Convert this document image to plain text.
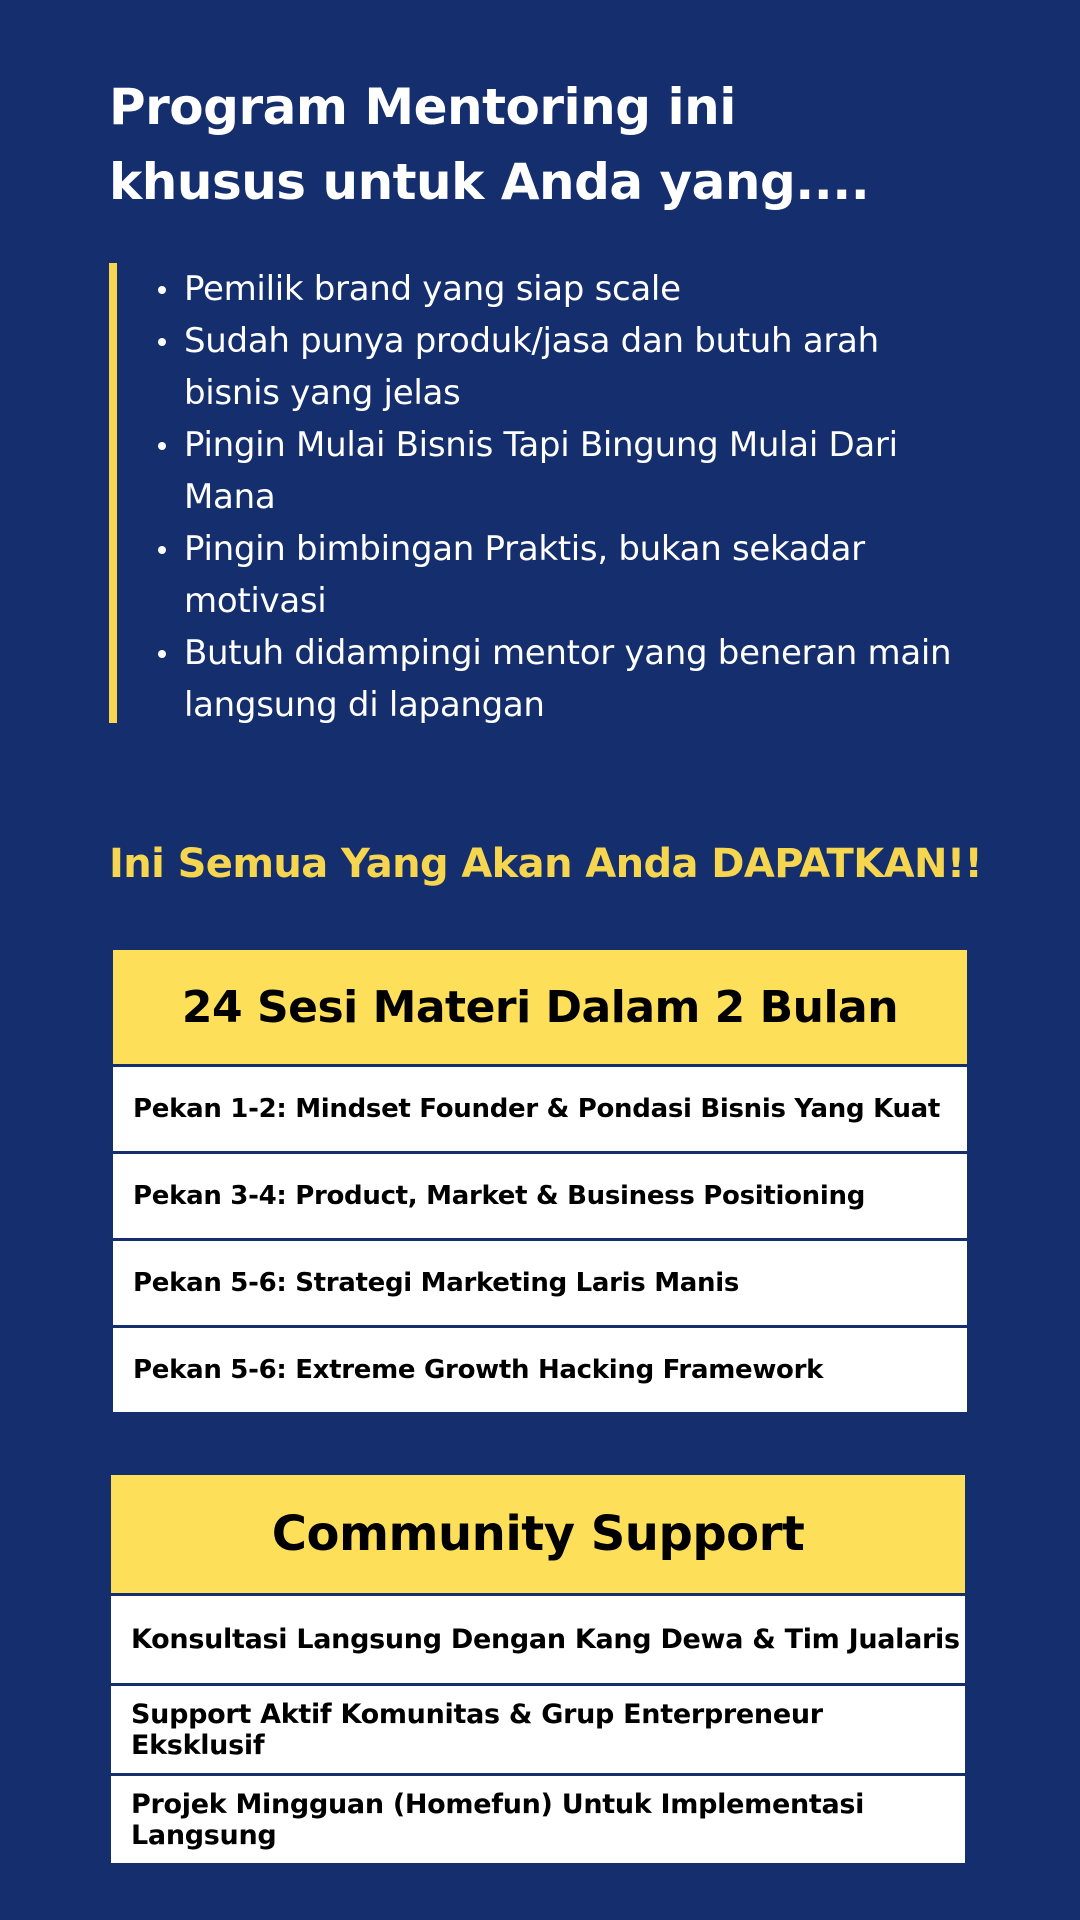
Program Mentoring ini
khusus untuk Anda yang....
Pemilik brand yang siap scale
Sudah punya produk/jasa dan butuh arah bisnis yang jelas
Pingin Mulai Bisnis Tapi Bingung Mulai Dari Mana
Pingin bimbingan Praktis, bukan sekadar motivasi
Butuh didampingi mentor yang beneran main langsung di lapangan
Ini Semua Yang Akan Anda DAPATKAN!!
24 Sesi Materi Dalam 2 Bulan
Pekan 1-2: Mindset Founder & Pondasi Bisnis Yang Kuat
Pekan 3-4: Product, Market & Business Positioning
Pekan 5-6: Strategi Marketing Laris Manis
Pekan 5-6: Extreme Growth Hacking Framework
Community Support
Konsultasi Langsung Dengan Kang Dewa & Tim Jualaris
Support Aktif Komunitas & Grup Enterpreneur Eksklusif
Projek Mingguan (Homefun) Untuk Implementasi Langsung
